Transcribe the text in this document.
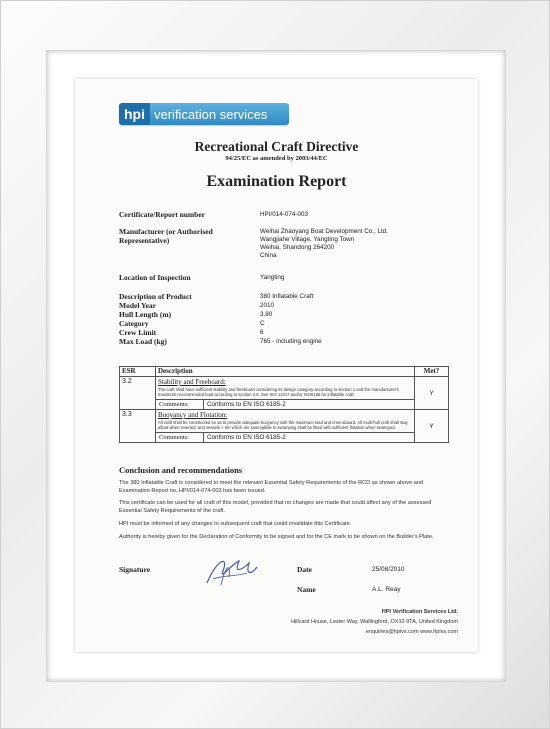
hpi verification services
Recreational Craft Directive
94/25/EC as amended by 2003/44/EC
Examination Report
Certificate/Report number	HPI/014-074-003
Manufacturer (or Authorised
Representative)
Weihai Zhaoyang Boat Development Co., Ltd.
Wangjiahe Village, Yangting Town
Weihai, Shandong 264200
China
Location of Inspection	Yangting
Description of Product	380 Inflatable Craft
Model Year	2010
Hull Length (m)	3.80
Category	C
Crew Limit	6
Max Load (kg)	765 - including engine
ESR	Description	Met?
3.2	Stability and Freeboard:
The craft shall have sufficient stability and freeboard considering its design category according to section 1 and the manufacturer's maximum recommended load according to section 3.6. See ISO 12217 and/or ISO6185 for inflatable craft.
Comments: Conforms to EN ISO 6185-2	Y
3.3	Buoyancy and Flotation:
All craft shall be constructed so as to provide adequate buoyancy with the maximum load and crew aboard. All multi-hull craft shall stay afloat when inverted; and vessels < 6m which are susceptible to swamping shall be fitted with sufficient flotation when swamped.
Comments: Conforms to EN ISO 6185-2	Y
Conclusion and recommendations
The 380 Inflatable Craft is considered to meet the relevant Essential Safety Requirements of the RCD as shown above and Examination Report no. HPI/014-074-003 has been issued.
This certificate can be used for all craft of this model, provided that no changes are made that could affect any of the assessed Essential Safety Requirements of the craft.
HPI must be informed of any changes to subsequent craft that could invalidate this Certificate.
Authority is hereby given for the Declaration of Conformity to be signed and for the CE mark to be shown on the Builder's Plate.
Signature	Date	25/08/2010
Name	A.L. Reay
HPI Verification Services Ltd.
Hillcard House, Lester Way, Wallingford, OX10 9TA, United Kingdom
enquiries@hpivs.com www.hpivs.com
